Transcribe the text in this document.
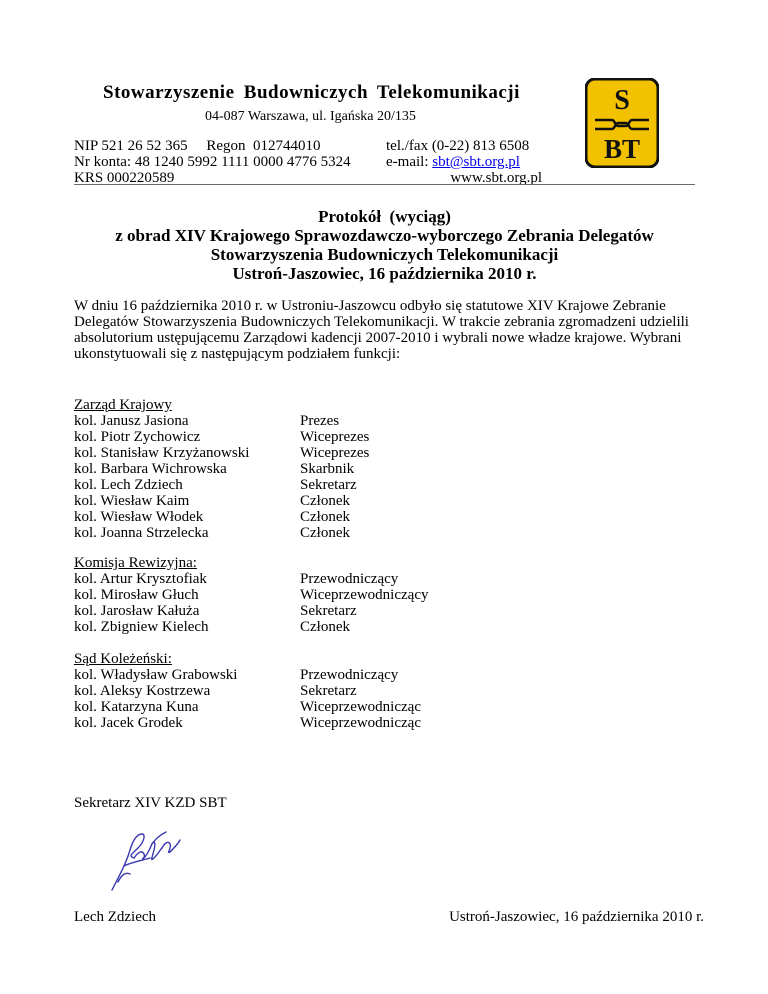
Stowarzyszenie Budowniczych Telekomunikacji
04-087 Warszawa, ul. Igańska 20/135
NIP 521 26 52 365     Regon  012744010
Nr konta: 48 1240 5992 1111 0000 4776 5324
KRS 000220589
tel./fax (0-22) 813 6508
e-mail: sbt@sbt.org.pl
www.sbt.org.pl
S
BT
Protokół  (wyciąg)
z obrad XIV Krajowego Sprawozdawczo-wyborczego Zebrania Delegatów
Stowarzyszenia Budowniczych Telekomunikacji
Ustroń-Jaszowiec, 16 października 2010 r.
W dniu 16 października 2010 r. w Ustroniu-Jaszowcu odbyło się statutowe XIV Krajowe Zebranie Delegatów Stowarzyszenia Budowniczych Telekomunikacji. W trakcie zebrania zgromadzeni udzielili absolutorium ustępującemu Zarządowi kadencji 2007-2010 i wybrali nowe władze krajowe. Wybrani ukonstytuowali się z następującym podziałem funkcji:
Zarząd Krajowy
kol. Janusz Jasiona	Prezes
kol. Piotr Zychowicz	Wiceprezes
kol. Stanisław Krzyżanowski	Wiceprezes
kol. Barbara Wichrowska	Skarbnik
kol. Lech Zdziech	Sekretarz
kol. Wiesław Kaim	Członek
kol. Wiesław Włodek	Członek
kol. Joanna Strzelecka	Członek
Komisja Rewizyjna:
kol. Artur Krysztofiak	Przewodniczący
kol. Mirosław Głuch	Wiceprzewodniczący
kol. Jarosław Kałuża	Sekretarz
kol. Zbigniew Kielech	Członek
Sąd Koleżeński:
kol. Władysław Grabowski	Przewodniczący
kol. Aleksy Kostrzewa	Sekretarz
kol. Katarzyna Kuna	Wiceprzewodnicząc
kol. Jacek Grodek	Wiceprzewodnicząc
Sekretarz XIV KZD SBT
Lech Zdziech	Ustroń-Jaszowiec, 16 października 2010 r.
